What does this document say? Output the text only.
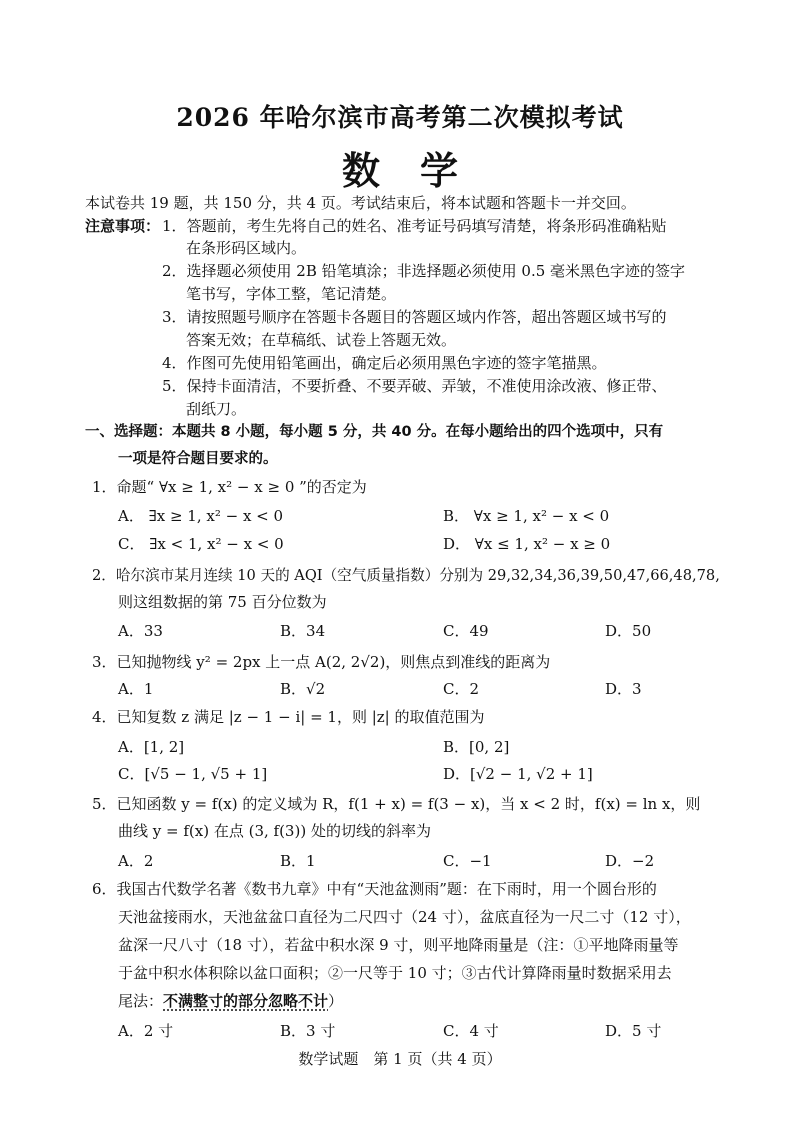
2026 年哈尔滨市高考第二次模拟考试
数学
本试卷共 19 题，共 150 分，共 4 页。考试结束后，将本试题和答题卡一并交回。
注意事项： 1．答题前，考生先将自己的姓名、准考证号码填写清楚，将条形码准确粘贴
在条形码区域内。
2．选择题必须使用 2B 铅笔填涂；非选择题必须使用 0.5 毫米黑色字迹的签字
笔书写，字体工整，笔记清楚。
3．请按照题号顺序在答题卡各题目的答题区域内作答，超出答题区域书写的
答案无效；在草稿纸、试卷上答题无效。
4．作图可先使用铅笔画出，确定后必须用黑色字迹的签字笔描黑。
5．保持卡面清洁，不要折叠、不要弄破、弄皱，不准使用涂改液、修正带、
刮纸刀。
一、选择题：本题共 8 小题，每小题 5 分，共 40 分。在每小题给出的四个选项中，只有
一项是符合题目要求的。
1．命题“ ∀x ≥ 1, x² − x ≥ 0 ”的否定为
A． ∃x ≥ 1, x² − x < 0	B． ∀x ≥ 1, x² − x < 0
C． ∃x < 1, x² − x < 0	D． ∀x ≤ 1, x² − x ≥ 0
2．哈尔滨市某月连续 10 天的 AQI（空气质量指数）分别为 29,32,34,36,39,50,47,66,48,78,
则这组数据的第 75 百分位数为
A．33	B．34	C．49	D．50
3．已知抛物线 y² = 2px 上一点 A(2, 2√2)，则焦点到准线的距离为
A．1	B．√2	C．2	D．3
4．已知复数 z 满足 |z − 1 − i| = 1，则 |z| 的取值范围为
A．[1, 2]	B．[0, 2]
C．[√5 − 1, √5 + 1]	D．[√2 − 1, √2 + 1]
5．已知函数 y = f(x) 的定义域为 R，f(1 + x) = f(3 − x)，当 x < 2 时，f(x) = ln x，则
曲线 y = f(x) 在点 (3, f(3)) 处的切线的斜率为
A．2	B．1	C．−1	D．−2
6．我国古代数学名著《数书九章》中有“天池盆测雨”题：在下雨时，用一个圆台形的
天池盆接雨水，天池盆盆口直径为二尺四寸（24 寸），盆底直径为一尺二寸（12 寸），
盆深一尺八寸（18 寸），若盆中积水深 9 寸，则平地降雨量是（注：①平地降雨量等
于盆中积水体积除以盆口面积；②一尺等于 10 寸；③古代计算降雨量时数据采用去
尾法：不满整寸的部分忽略不计）
A．2 寸	B．3 寸	C．4 寸	D．5 寸
数学试题　第 1 页（共 4 页）
